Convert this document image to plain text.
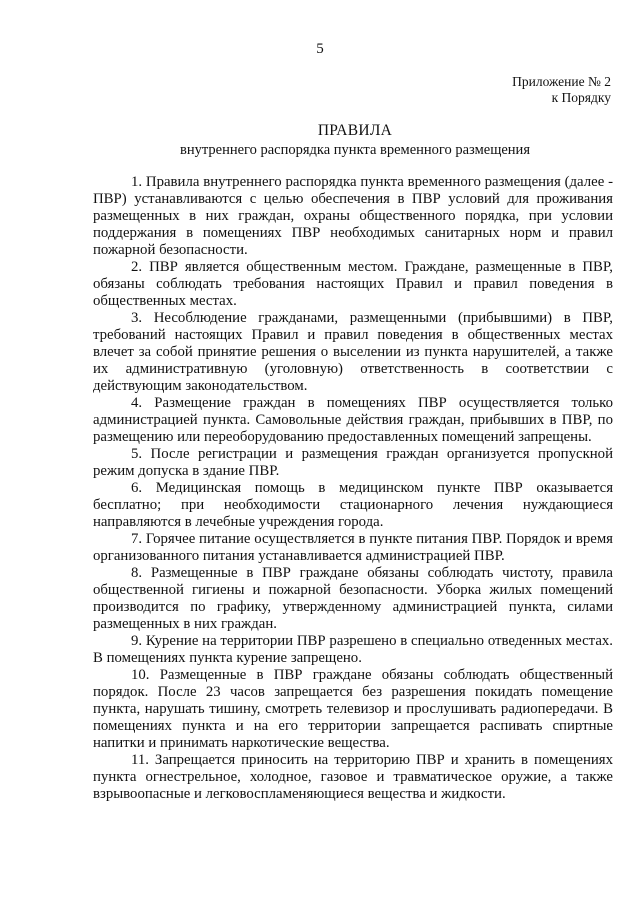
5
Приложение № 2
к Порядку
ПРАВИЛА
внутреннего распорядка пункта временного размещения

1. Правила внутреннего распорядка пункта временного размещения (далее - ПВР) устанавливаются с целью обеспечения в ПВР условий для проживания размещенных в них граждан, охраны общественного порядка, при условии поддержания в помещениях ПВР необходимых санитарных норм и правил пожарной безопасности.

2. ПВР является общественным местом. Граждане, размещенные в ПВР, обязаны соблюдать требования настоящих Правил и правил поведения в общественных местах.

3. Несоблюдение гражданами, размещенными (прибывшими) в ПВР, требований настоящих Правил и правил поведения в общественных местах влечет за собой принятие решения о выселении из пункта нарушителей, а также их административную (уголовную) ответственность в соответствии с действующим законодательством.

4. Размещение граждан в помещениях ПВР осуществляется только администрацией пункта. Самовольные действия граждан, прибывших в ПВР, по размещению или переоборудованию предоставленных помещений запрещены.

5. После регистрации и размещения граждан организуется пропускной режим допуска в здание ПВР.

6. Медицинская помощь в медицинском пункте ПВР оказывается бесплатно; при необходимости стационарного лечения нуждающиеся направляются в лечебные учреждения города.

7. Горячее питание осуществляется в пункте питания ПВР. Порядок и время организованного питания устанавливается администрацией ПВР.

8. Размещенные в ПВР граждане обязаны соблюдать чистоту, правила общественной гигиены и пожарной безопасности. Уборка жилых помещений производится по графику, утвержденному администрацией пункта, силами размещенных в них граждан.

9. Курение на территории ПВР разрешено в специально отведенных местах. В помещениях пункта курение запрещено.

10. Размещенные в ПВР граждане обязаны соблюдать общественный порядок. После 23 часов запрещается без разрешения покидать помещение пункта, нарушать тишину, смотреть телевизор и прослушивать радиопередачи. В помещениях пункта и на его территории запрещается распивать спиртные напитки и принимать наркотические вещества.

11. Запрещается приносить на территорию ПВР и хранить в помещениях пункта огнестрельное, холодное, газовое и травматическое оружие, а также взрывоопасные и легковоспламеняющиеся вещества и жидкости.
